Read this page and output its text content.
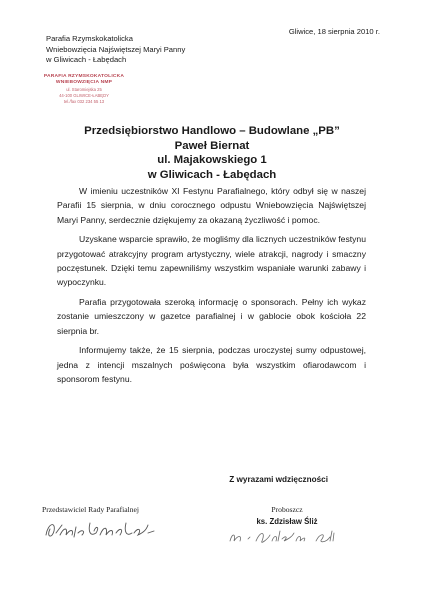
Gliwice, 18 sierpnia 2010 r.
Parafia Rzymskokatolicka
Wniebowzięcia Najświętszej Maryi Panny
w Gliwicach - Łabędach
PARAFIA RZYMSKOKATOLICKA
WNIEBOWZIĘCIA NMP
ul. Staromiejska 25
44-100 GLIWICE-ŁABĘDY
tel./fax 032 234 55 13
Przedsiębiorstwo Handlowo – Budowlane „PB”
Paweł Biernat
ul. Majakowskiego 1
w Gliwicach - Łabędach

W imieniu uczestników XI Festynu Parafialnego, który odbył się w naszej Parafii 15 sierpnia, w dniu corocznego odpustu Wniebowzięcia Najświętszej Maryi Panny, serdecznie dziękujemy za okazaną życzliwość i pomoc.

Uzyskane wsparcie sprawiło, że mogliśmy dla licznych uczestników festynu przygotować atrakcyjny program artystyczny, wiele atrakcji, nagrody i smaczny poczęstunek. Dzięki temu zapewniliśmy wszystkim wspaniałe warunki zabawy i wypoczynku.

Parafia przygotowała szeroką informację o sponsorach. Pełny ich wykaz zostanie umieszczony w gazetce parafialnej i w gablocie obok kościoła 22 sierpnia br.

Informujemy także, że 15 sierpnia, podczas uroczystej sumy odpustowej, jedna z intencji mszalnych poświęcona była wszystkim ofiarodawcom i sponsorom festynu.

Z wyrazami wdzięczności
Przedstawiciel Rady Parafialnej	Proboszcz
ks. Zdzisław Śliż
